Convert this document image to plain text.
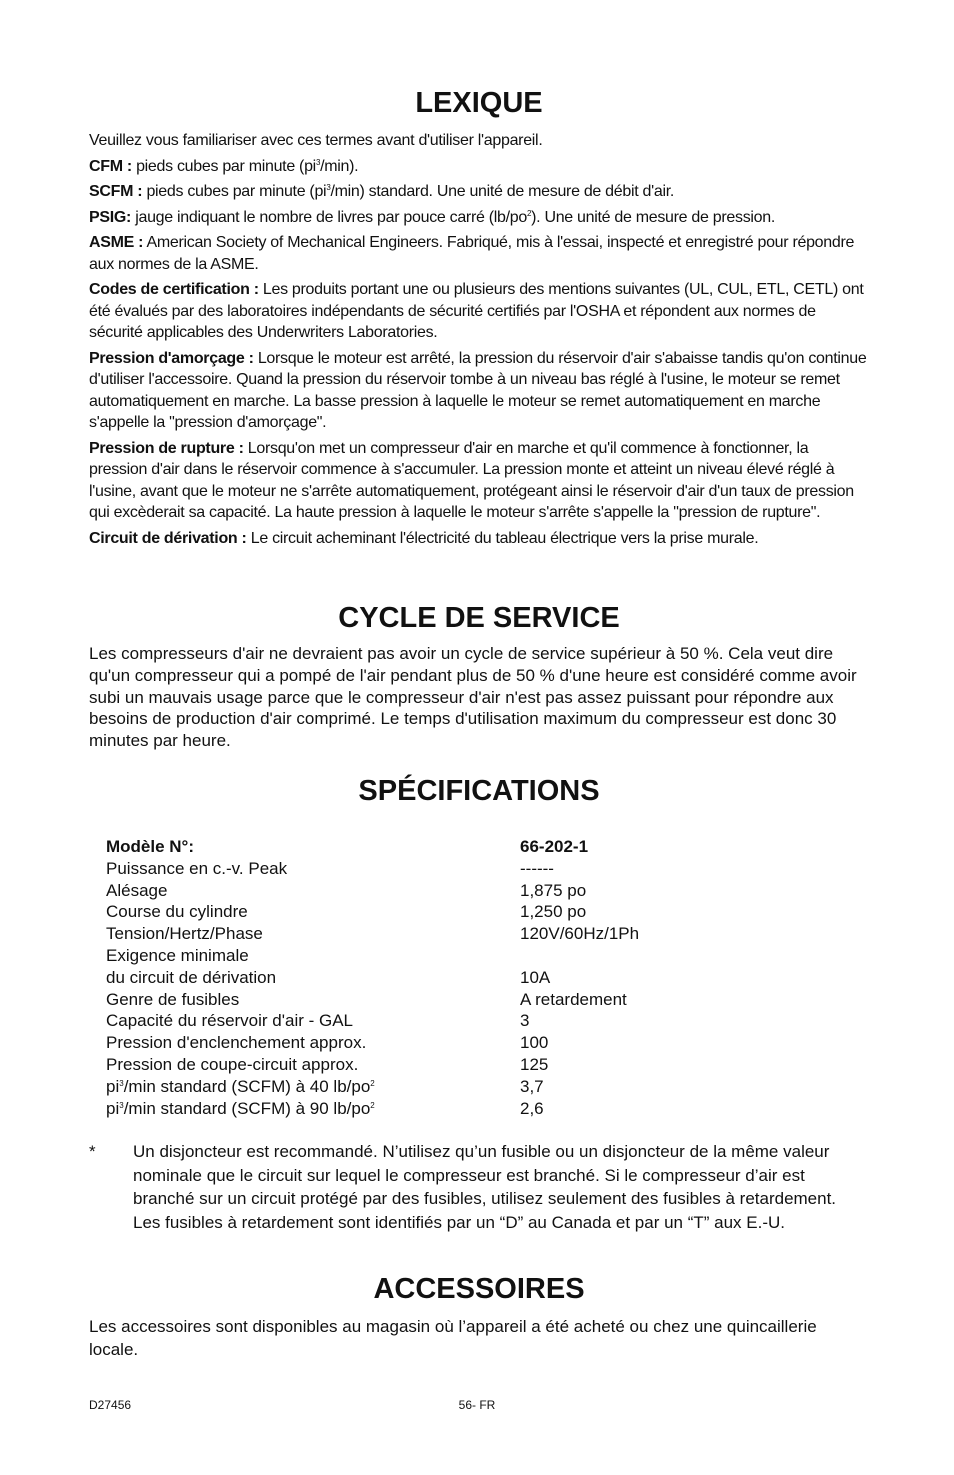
LEXIQUE

Veuillez vous familiariser avec ces termes avant d'utiliser l'appareil.

CFM : pieds cubes par minute $(pi^3/\min)$.

SCFM : pieds cubes par minute $(pi^3/\min)$ standard. Une unité de mesure de débit d'air.

PSIG: jauge indiquant le nombre de livres par pouce carré $(lb/po^2)$. Une unité de mesure de pression.

ASME : American Society of Mechanical Engineers. Fabriqué, mis à l'essai, inspecté et enregistré pour répondre aux normes de la ASME.

Codes de certification : Les produits portant une ou plusieurs des mentions suivantes (UL, CUL, ETL, CETL) ont été évalués par des laboratoires indépendants de sécurité certifiés par l'OSHA et répondent aux normes de sécurité applicables des Underwriters Laboratories.

Pression d'amorçage : Lorsque le moteur est arrêté, la pression du réservoir d'air s'abaisse tandis qu'on continue d'utiliser l'accessoire. Quand la pression du réservoir tombe à un niveau bas réglé à l'usine, le moteur se remet automatiquement en marche. La basse pression à laquelle le moteur se remet automatiquement en marche s'appelle la "pression d'amorçage".

Pression de rupture : Lorsqu'on met un compresseur d'air en marche et qu'il commence à fonctionner, la pression d'air dans le réservoir commence à s'accumuler. La pression monte et atteint un niveau élevé réglé à l'usine, avant que le moteur ne s'arrête automatiquement, protégeant ainsi le réservoir d'air d'un taux de pression qui excèderait sa capacité. La haute pression à laquelle le moteur s'arrête s'appelle la "pression de rupture".

Circuit de dérivation : Le circuit acheminant l'électricité du tableau électrique vers la prise murale.

CYCLE DE SERVICE

Les compresseurs d'air ne devraient pas avoir un cycle de service supérieur à 50 %. Cela veut dire qu'un compresseur qui a pompé de l'air pendant plus de 50 % d'une heure est considéré comme avoir subi un mauvais usage parce que le compresseur d'air n'est pas assez puissant pour répondre aux besoins de production d'air comprimé. Le temps d'utilisation maximum du compresseur est donc 30 minutes par heure.

SPÉCIFICATIONS
Modèle N°:	66-202-1
Puissance en c.-v. Peak	------
Alésage	1,875 po
Course du cylindre	1,250 po
Tension/Hertz/Phase	120V/60Hz/1Ph
Exigence minimale	
du circuit de dérivation	10A
Genre de fusibles	A retardement
Capacité du réservoir d'air - GAL	3
Pression d'enclenchement approx.	100
Pression de coupe-circuit approx.	125
$pi^3/\min$ standard (SCFM) à 40 $lb/po^2$	3,7
$pi^3/\min$ standard (SCFM) à 90 $lb/po^2$	2,6
* Un disjoncteur est recommandé. N’utilisez qu’un fusible ou un disjoncteur de la même valeur nominale que le circuit sur lequel le compresseur est branché. Si le compresseur d’air est branché sur un circuit protégé par des fusibles, utilisez seulement des fusibles à retardement. Les fusibles à retardement sont identifiés par un “D” au Canada et par un “T” aux E.-U.
ACCESSOIRES

Les accessoires sont disponibles au magasin où l’appareil a été acheté ou chez une quincaillerie locale.

D27456	56- FR
